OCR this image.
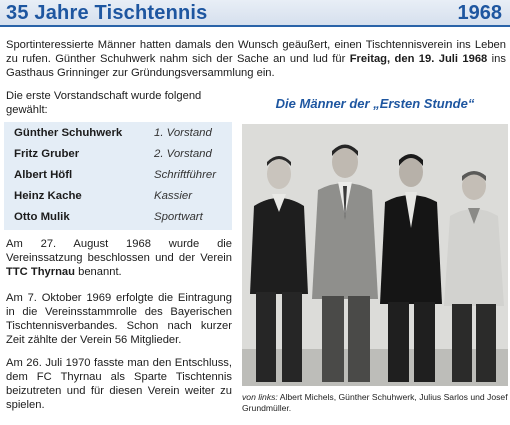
35 Jahre Tischtennis	1968
Sportinteressierte Männer hatten damals den Wunsch geäußert, einen Tischtennisverein ins Leben zu rufen. Günther Schuhwerk nahm sich der Sache an und lud für Freitag, den 19. Juli 1968 ins Gasthaus Grinninger zur Gründungsversammlung ein.
Die erste Vorstandschaft wurde folgend gewählt:
Günther Schuhwerk	1. Vorstand
Fritz Gruber	2. Vorstand
Albert Höfl	Schriftführer
Heinz Kache	Kassier
Otto Mulik	Sportwart
Am 27. August 1968 wurde die Vereinssatzung beschlossen und der Verein TTC Thyrnau benannt.
Am 7. Oktober 1969 erfolgte die Eintragung in die Vereinsstammrolle des Bayerischen Tischtennisverbandes. Schon nach kurzer Zeit zählte der Verein 56 Mitglieder.
Am 26. Juli 1970 fasste man den Entschluss, dem FC Thyrnau als Sparte Tischtennis beizutreten und für diesen Verein weiter zu spielen.
Die Männer der „Ersten Stunde“
von links: Albert Michels, Günther Schuhwerk, Julius Sarlos und Josef Grundmüller.
